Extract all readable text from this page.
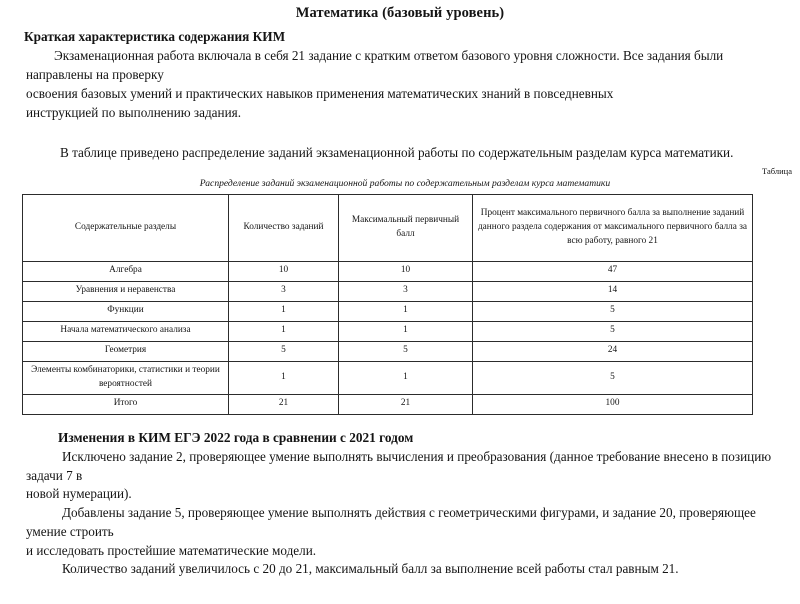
Математика (базовый уровень)
Краткая характеристика содержания КИМ

Экзаменационная работа включала в себя 21 задание с кратким ответом базового уровня сложности. Все задания были направлены на проверку

освоения базовых умений и практических навыков применения математических знаний в повседневных

инструкцией по выполнению задания.

В таблице приведено распределение заданий экзаменационной работы по содержательным разделам курса математики.

Таблица
Распределение заданий экзаменационной работы по содержательным разделам курса математики
Содержательные разделы	Количество заданий	Максимальный первичный балл	Процент максимального первичного балла за выполнение заданий данного раздела содержания от максимального первичного балла за всю работу, равного 21
Алгебра	10	10	47
Уравнения и неравенства	3	3	14
Функции	1	1	5
Начала математического анализа	1	1	5
Геометрия	5	5	24
Элементы комбинаторики, статистики и теории вероятностей	1	1	5
Итого	21	21	100
Изменения в КИМ ЕГЭ 2022 года в сравнении с 2021 годом

Исключено задание 2, проверяющее умение выполнять вычисления и преобразования (данное требование внесено в позицию задачи 7 в

новой нумерации).

Добавлены задание 5, проверяющее умение выполнять действия с геометрическими фигурами, и задание 20, проверяющее умение строить

и исследовать простейшие математические модели.

Количество заданий увеличилось с 20 до 21, максимальный балл за выполнение всей работы стал равным 21.
